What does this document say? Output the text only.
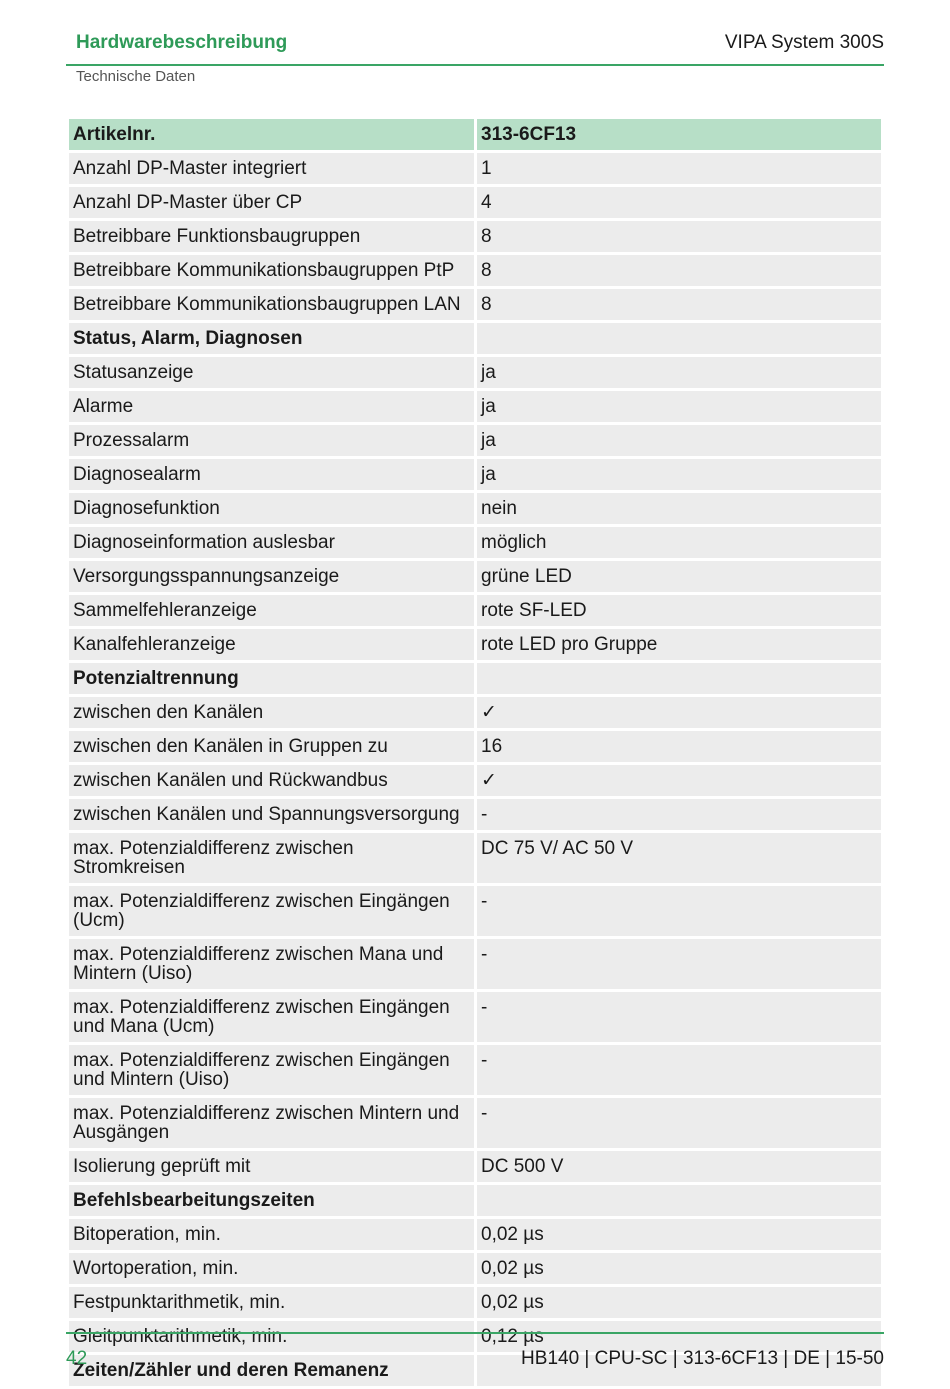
Hardwarebeschreibung	VIPA System 300S
Technische Daten
Artikelnr.	313-6CF13
Anzahl DP-Master integriert	1
Anzahl DP-Master über CP	4
Betreibbare Funktionsbaugruppen	8
Betreibbare Kommunikationsbaugruppen PtP	8
Betreibbare Kommunikationsbaugruppen LAN	8
Status, Alarm, Diagnosen	
Statusanzeige	ja
Alarme	ja
Prozessalarm	ja
Diagnosealarm	ja
Diagnosefunktion	nein
Diagnoseinformation auslesbar	möglich
Versorgungsspannungsanzeige	grüne LED
Sammelfehleranzeige	rote SF-LED
Kanalfehleranzeige	rote LED pro Gruppe
Potenzialtrennung	
zwischen den Kanälen	✓
zwischen den Kanälen in Gruppen zu	16
zwischen Kanälen und Rückwandbus	✓
zwischen Kanälen und Spannungsversorgung	-
max. Potenzialdifferenz zwischen Stromkreisen	DC 75 V/ AC 50 V
max. Potenzialdifferenz zwischen Eingängen (Ucm)	-
max. Potenzialdifferenz zwischen Mana und Mintern (Uiso)	-
max. Potenzialdifferenz zwischen Eingängen und Mana (Ucm)	-
max. Potenzialdifferenz zwischen Eingängen und Mintern (Uiso)	-
max. Potenzialdifferenz zwischen Mintern und Ausgängen	-
Isolierung geprüft mit	DC 500 V
Befehlsbearbeitungszeiten	
Bitoperation, min.	0,02 µs
Wortoperation, min.	0,02 µs
Festpunktarithmetik, min.	0,02 µs
Gleitpunktarithmetik, min.	0,12 µs
Zeiten/Zähler und deren Remanenz	
42	HB140 | CPU-SC | 313-6CF13 | DE | 15-50
